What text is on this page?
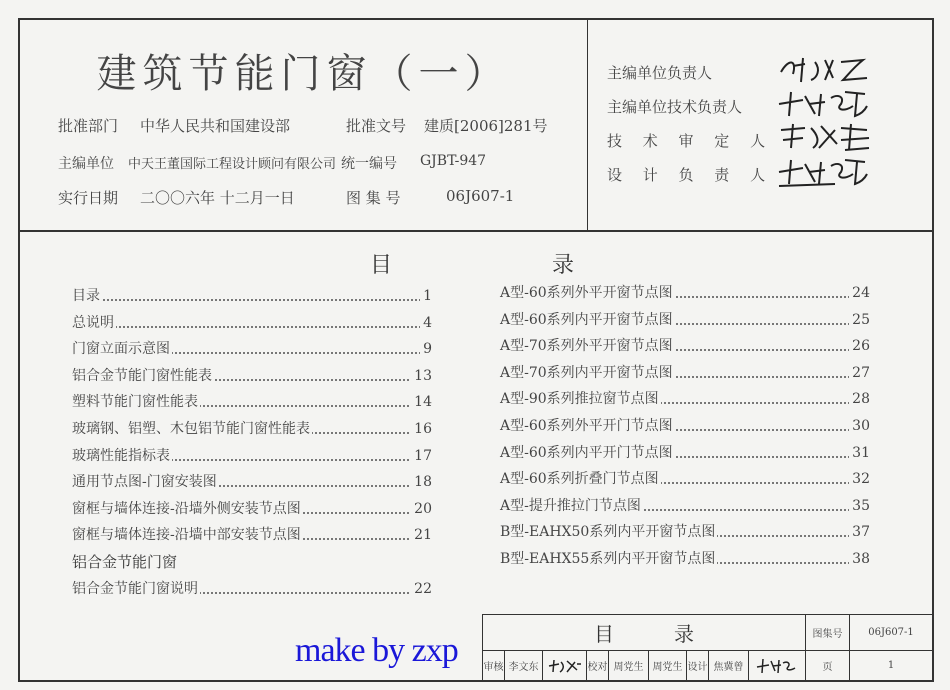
建筑节能门窗（一）
批准部门 中华人民共和国建设部	批准文号 建质[2006]281号
主编单位 中天王董国际工程设计顾问有限公司 统一编号 GJBT-947
实行日期 二〇〇六年 十二月一日	图 集 号	06J607-1
主编单位负责人
主编单位技术负责人
技 术 审 定 人
设 计 负 责 人
目	录
目录	1
总说明	4
门窗立面示意图	9
铝合金节能门窗性能表	13
塑料节能门窗性能表	14
玻璃钢、铝塑、木包铝节能门窗性能表	16
玻璃性能指标表	17
通用节点图-门窗安装图	18
窗框与墙体连接-沿墙外侧安装节点图	20
窗框与墙体连接-沿墙中部安装节点图	21
铝合金节能门窗
铝合金节能门窗说明	22
A型-60系列外平开窗节点图	24
A型-60系列内平开窗节点图	25
A型-70系列外平开窗节点图	26
A型-70系列内平开窗节点图	27
A型-90系列推拉窗节点图	28
A型-60系列外平开门节点图	30
A型-60系列内平开门节点图	31
A型-60系列折叠门节点图	32
A型-提升推拉门节点图	35
B型-EAHX50系列内平开窗节点图	37
B型-EAHX55系列内平开窗节点图	38
目	录	图集号	06J607-1
审核 李文东	校对 周党生 周党生 设计 焦冀曾	页	1
make by zxp
